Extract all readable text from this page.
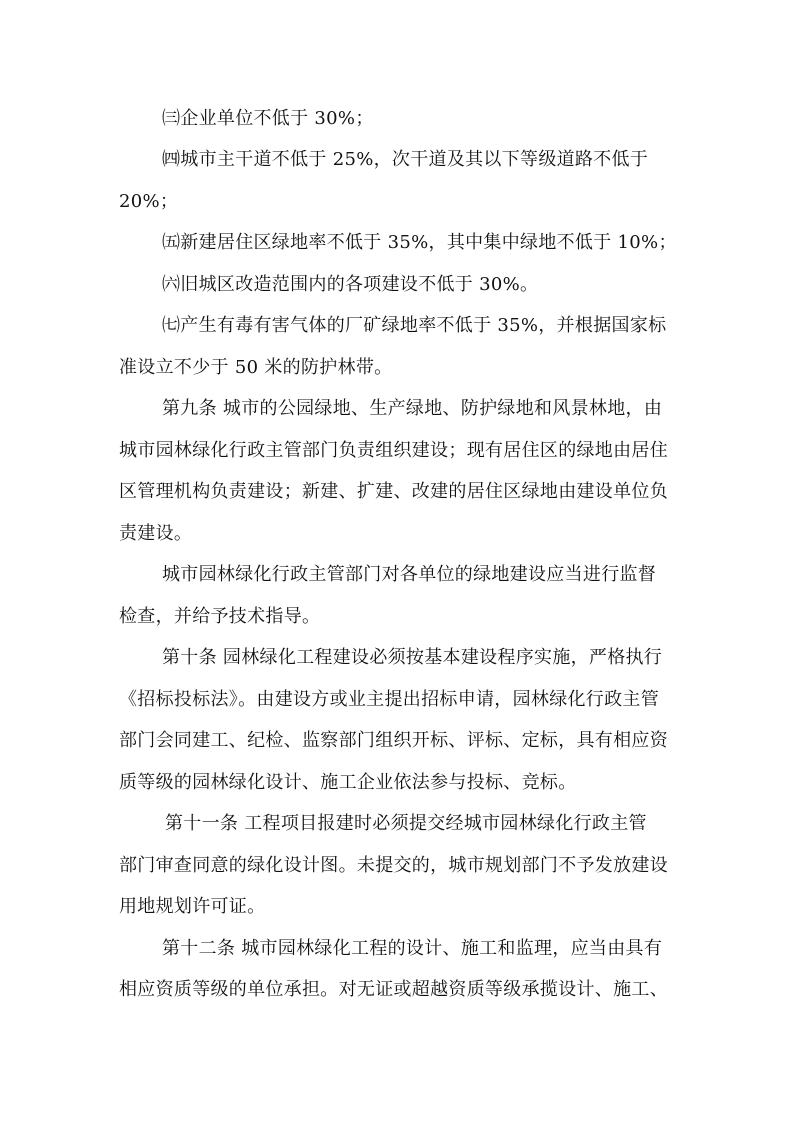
㈢企业单位不低于 30%；

㈣城市主干道不低于 25%，次干道及其以下等级道路不低于

20%；

㈤新建居住区绿地率不低于 35%，其中集中绿地不低于 10%；

㈥旧城区改造范围内的各项建设不低于 30%。

㈦产生有毒有害气体的厂矿绿地率不低于 35%，并根据国家标

准设立不少于 50 米的防护林带。

第九条 城市的公园绿地、生产绿地、防护绿地和风景林地，由

城市园林绿化行政主管部门负责组织建设；现有居住区的绿地由居住

区管理机构负责建设；新建、扩建、改建的居住区绿地由建设单位负

责建设。

城市园林绿化行政主管部门对各单位的绿地建设应当进行监督

检查，并给予技术指导。

第十条 园林绿化工程建设必须按基本建设程序实施，严格执行

《招标投标法》。由建设方或业主提出招标申请，园林绿化行政主管

部门会同建工、纪检、监察部门组织开标、评标、定标，具有相应资

质等级的园林绿化设计、施工企业依法参与投标、竞标。

第十一条 工程项目报建时必须提交经城市园林绿化行政主管

部门审查同意的绿化设计图。未提交的，城市规划部门不予发放建设

用地规划许可证。

第十二条 城市园林绿化工程的设计、施工和监理，应当由具有

相应资质等级的单位承担。对无证或超越资质等级承揽设计、施工、
